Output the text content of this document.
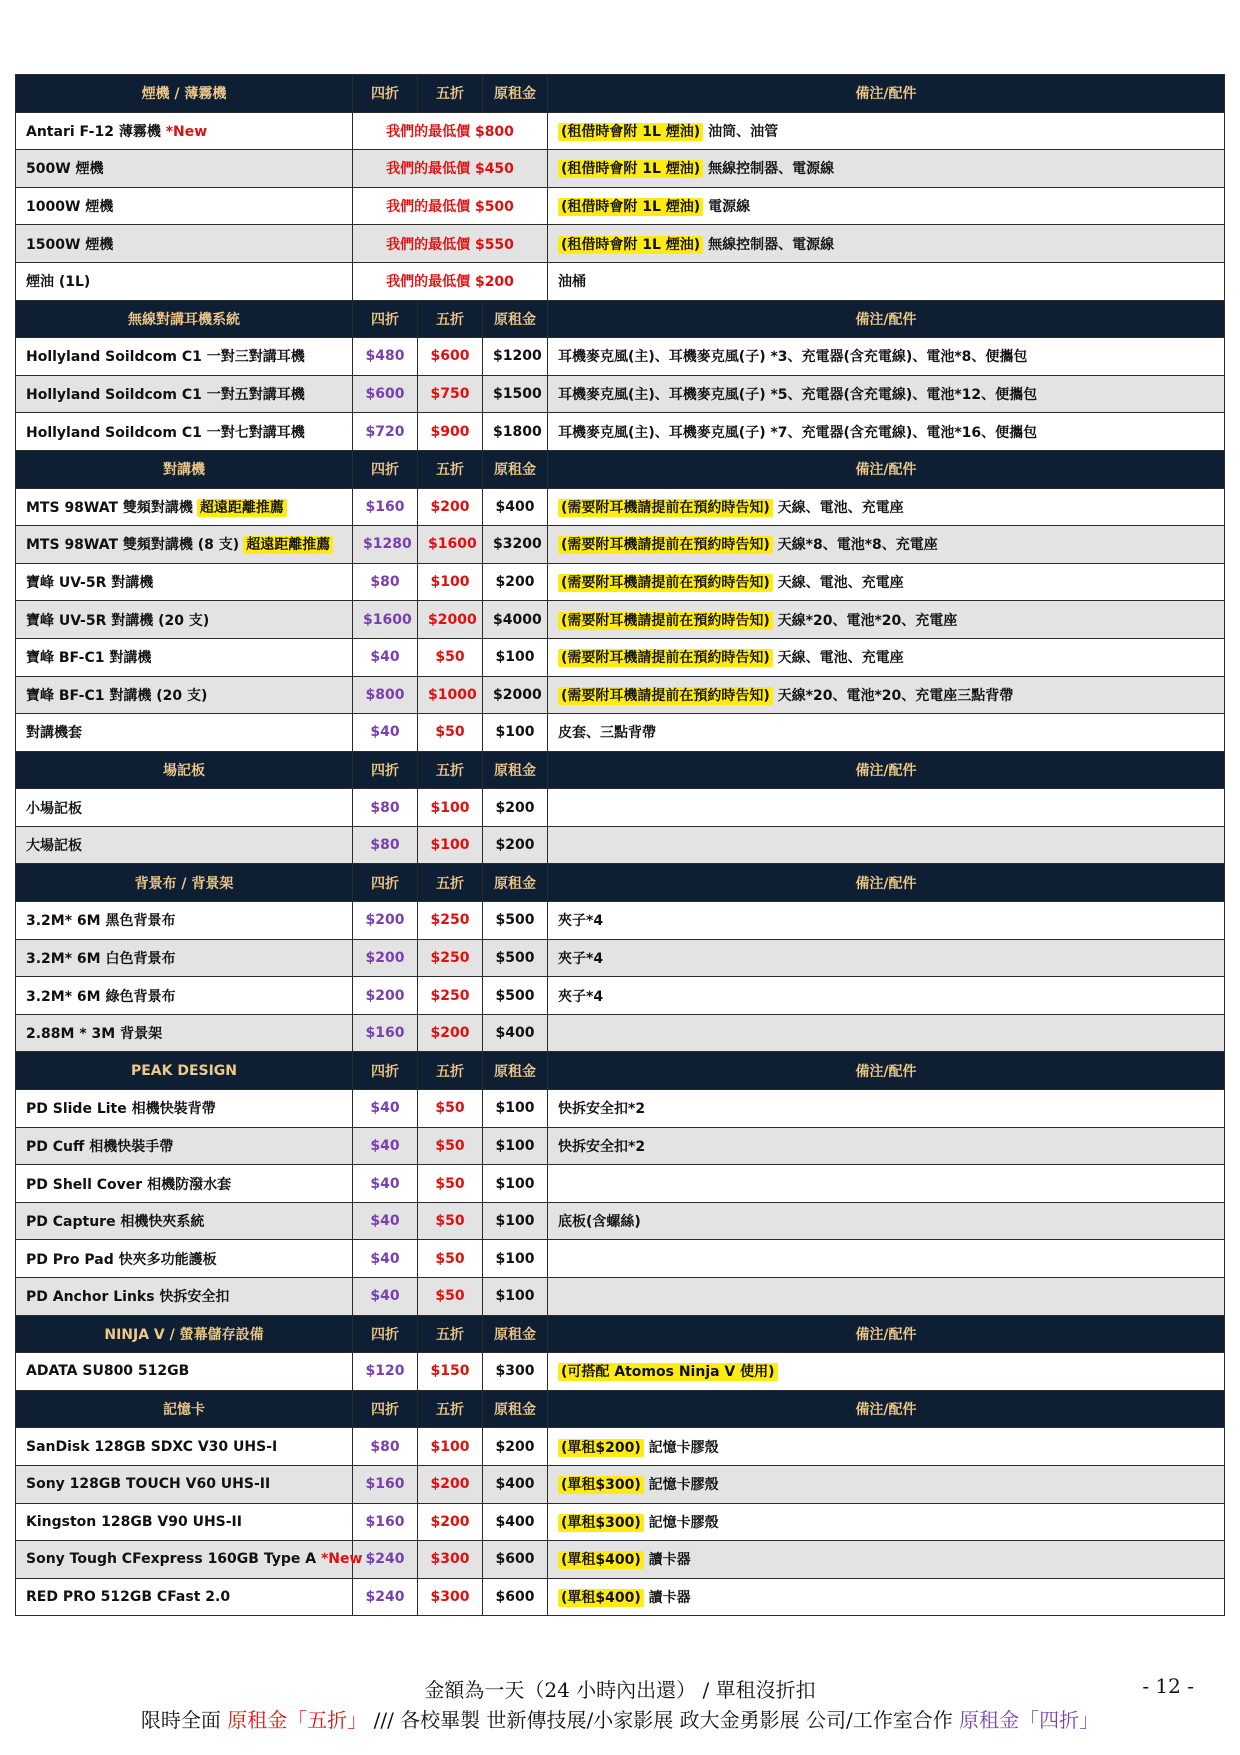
煙機 / 薄霧機	四折	五折	原租金	備注/配件
Antari F-12 薄霧機 *New	我們的最低價 $800			(租借時會附 1L 煙油) 油筒、油管
500W 煙機	我們的最低價 $450			(租借時會附 1L 煙油) 無線控制器、電源線
1000W 煙機	我們的最低價 $500			(租借時會附 1L 煙油) 電源線
1500W 煙機	我們的最低價 $550			(租借時會附 1L 煙油) 無線控制器、電源線
煙油 (1L)	我們的最低價 $200			油桶
無線對講耳機系統	四折	五折	原租金	備注/配件
Hollyland Soildcom C1 一對三對講耳機	$480	$600	$1200	耳機麥克風(主)、耳機麥克風(子) *3、充電器(含充電線)、電池*8、便攜包
Hollyland Soildcom C1 一對五對講耳機	$600	$750	$1500	耳機麥克風(主)、耳機麥克風(子) *5、充電器(含充電線)、電池*12、便攜包
Hollyland Soildcom C1 一對七對講耳機	$720	$900	$1800	耳機麥克風(主)、耳機麥克風(子) *7、充電器(含充電線)、電池*16、便攜包
對講機	四折	五折	原租金	備注/配件
MTS 98WAT 雙頻對講機 超遠距離推薦	$160	$200	$400	(需要附耳機請提前在預約時告知) 天線、電池、充電座
MTS 98WAT 雙頻對講機 (8 支) 超遠距離推薦	$1280	$1600	$3200	(需要附耳機請提前在預約時告知) 天線*8、電池*8、充電座
寶峰 UV-5R 對講機	$80	$100	$200	(需要附耳機請提前在預約時告知) 天線、電池、充電座
寶峰 UV-5R 對講機 (20 支)	$1600	$2000	$4000	(需要附耳機請提前在預約時告知) 天線*20、電池*20、充電座
寶峰 BF-C1 對講機	$40	$50	$100	(需要附耳機請提前在預約時告知) 天線、電池、充電座
寶峰 BF-C1 對講機 (20 支)	$800	$1000	$2000	(需要附耳機請提前在預約時告知) 天線*20、電池*20、充電座三點背帶
對講機套	$40	$50	$100	皮套、三點背帶
場記板	四折	五折	原租金	備注/配件
小場記板	$80	$100	$200	
大場記板	$80	$100	$200	
背景布 / 背景架	四折	五折	原租金	備注/配件
3.2M* 6M 黑色背景布	$200	$250	$500	夾子*4
3.2M* 6M 白色背景布	$200	$250	$500	夾子*4
3.2M* 6M 綠色背景布	$200	$250	$500	夾子*4
2.88M * 3M 背景架	$160	$200	$400	
PEAK DESIGN	四折	五折	原租金	備注/配件
PD Slide Lite 相機快裝背帶	$40	$50	$100	快拆安全扣*2
PD Cuff 相機快裝手帶	$40	$50	$100	快拆安全扣*2
PD Shell Cover 相機防潑水套	$40	$50	$100	
PD Capture 相機快夾系統	$40	$50	$100	底板(含螺絲)
PD Pro Pad 快夾多功能護板	$40	$50	$100	
PD Anchor Links 快拆安全扣	$40	$50	$100	
NINJA V / 螢幕儲存設備	四折	五折	原租金	備注/配件
ADATA SU800 512GB	$120	$150	$300	(可搭配 Atomos Ninja V 使用)
記憶卡	四折	五折	原租金	備注/配件
SanDisk 128GB SDXC V30 UHS-I	$80	$100	$200	(單租$200) 記憶卡膠殼
Sony 128GB TOUCH V60 UHS-II	$160	$200	$400	(單租$300) 記憶卡膠殼
Kingston 128GB V90 UHS-II	$160	$200	$400	(單租$300) 記憶卡膠殼
Sony Tough CFexpress 160GB Type A *New	$240	$300	$600	(單租$400) 讀卡器
RED PRO 512GB CFast 2.0	$240	$300	$600	(單租$400) 讀卡器
金額為一天（24 小時內出還） / 單租沒折扣	- 12 -
限時全面 原租金「五折」 /// 各校畢製 世新傳技展/小家影展 政大金勇影展 公司/工作室合作 原租金「四折」
